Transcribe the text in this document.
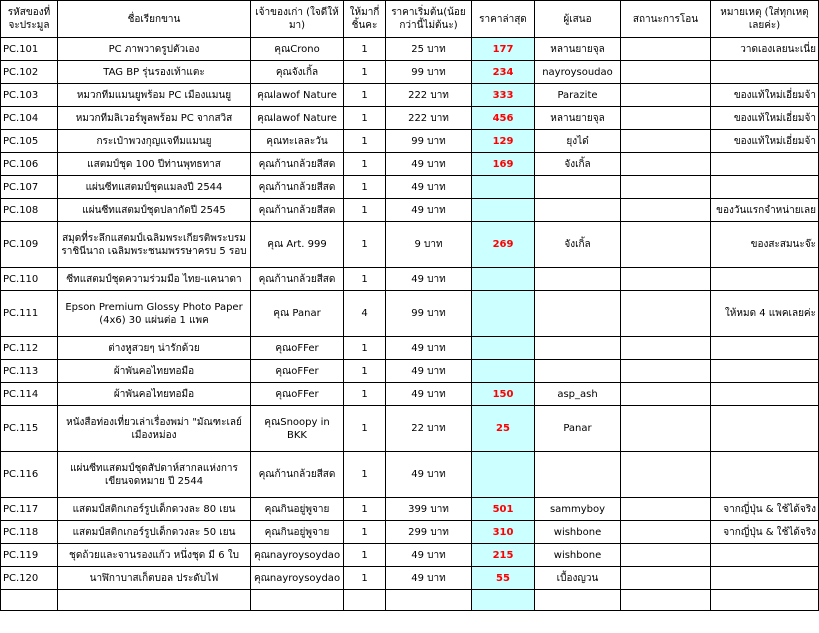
รหัสของที่จะประมูล	ชื่อเรียกขาน	เจ้าของเก่า (ใจดีให้มา)	ให้มากี่ชิ้นคะ	ราคาเริ่มต้น(น้อยกว่านี้ไม่ต้นะ)	ราคาล่าสุด	ผู้เสนอ	สถานะการโอน	หมายเหตุ (ใส่ทุกเหตุเลยค่ะ)
PC.101	PC ภาพวาดรูปตัวเอง	คุณCrono	1	25 บาท	177	หลานยายจุล		วาดเองเลยนะเนี่ย
PC.102	TAG BP รุ่นรองเท้าแตะ	คุณจังเกิ้ล	1	99 บาท	234	nayroysoudao		
PC.103	หมวกทีมแมนยูพร้อม PC เมืองแมนยู	คุณlawof Nature	1	222 บาท	333	Parazite		ของแท้ใหม่เอี่ยมจ้า
PC.104	หมวกทีมลิเวอร์พูลพร้อม PC จากสวิส	คุณlawof Nature	1	222 บาท	456	หลานยายจุล		ของแท้ใหม่เอี่ยมจ้า
PC.105	กระเป๋าพวงกุญแจทีมแมนยู	คุณทะเลละวัน	1	99 บาท	129	ยุงได๋		ของแท้ใหม่เอี่ยมจ้า
PC.106	แสตมป์ชุด 100 ปีท่านพุทธทาส	คุณก้านกล้วยสีสด	1	49 บาท	169	จังเกิ้ล		
PC.107	แผ่นซีทแสตมป์ชุดแมลงปี 2544	คุณก้านกล้วยสีสด	1	49 บาท				
PC.108	แผ่นซีทแสตมป์ชุดปลากัดปี 2545	คุณก้านกล้วยสีสด	1	49 บาท				ของวันแรกจำหน่ายเลย
PC.109	สมุดที่ระลึกแสตมป์เฉลิมพระเกียรติพระบรมราชินีนาถ เฉลิมพระชนมพรรษาครบ 5 รอบ	คุณ Art. 999	1	9 บาท	269	จังเกิ้ล		ของสะสมนะจ๊ะ
PC.110	ซีทแสตมป์ชุดความร่วมมือ ไทย-แคนาดา	คุณก้านกล้วยสีสด	1	49 บาท				
PC.111	Epson Premium Glossy Photo Paper (4x6) 30 แผ่นต่อ 1 แพค	คุณ Panar	4	99 บาท				ให้หมด 4 แพคเลยค่ะ
PC.112	ต่างหูสวยๆ น่ารักด้วย	คุณoFFer	1	49 บาท				
PC.113	ผ้าพันคอไทยทอมือ	คุณoFFer	1	49 บาท				
PC.114	ผ้าพันคอไทยทอมือ	คุณoFFer	1	49 บาท	150	asp_ash		
PC.115	หนังสือท่องเที่ยวเล่าเรื่องพม่า "มัณฑะเลย์เมืองหม่อง	คุณSnoopy in BKK	1	22 บาท	25	Panar		
PC.116	แผ่นซีทแสตมป์ชุดสัปดาห์สากลแห่งการเขียนจดหมาย ปี 2544	คุณก้านกล้วยสีสด	1	49 บาท				
PC.117	แสตมป์สติกเกอร์รูปเด็กดวงละ 80 เยน	คุณกินอยู่พูจาย	1	399 บาท	501	sammyboy		จากญี่ปุ่น & ใช้ได้จริง
PC.118	แสตมป์สติกเกอร์รูปเด็กดวงละ 50 เยน	คุณกินอยู่พูจาย	1	299 บาท	310	wishbone		จากญี่ปุ่น & ใช้ได้จริง
PC.119	ชุดถ้วยและจานรองแก้ว หนึ่งชุด มี 6 ใบ	คุณnayroysoydao	1	49 บาท	215	wishbone		
PC.120	นาฬิกาบาสเก็ตบอล ประดับไฟ	คุณnayroysoydao	1	49 บาท	55	เบื้องญวน		
